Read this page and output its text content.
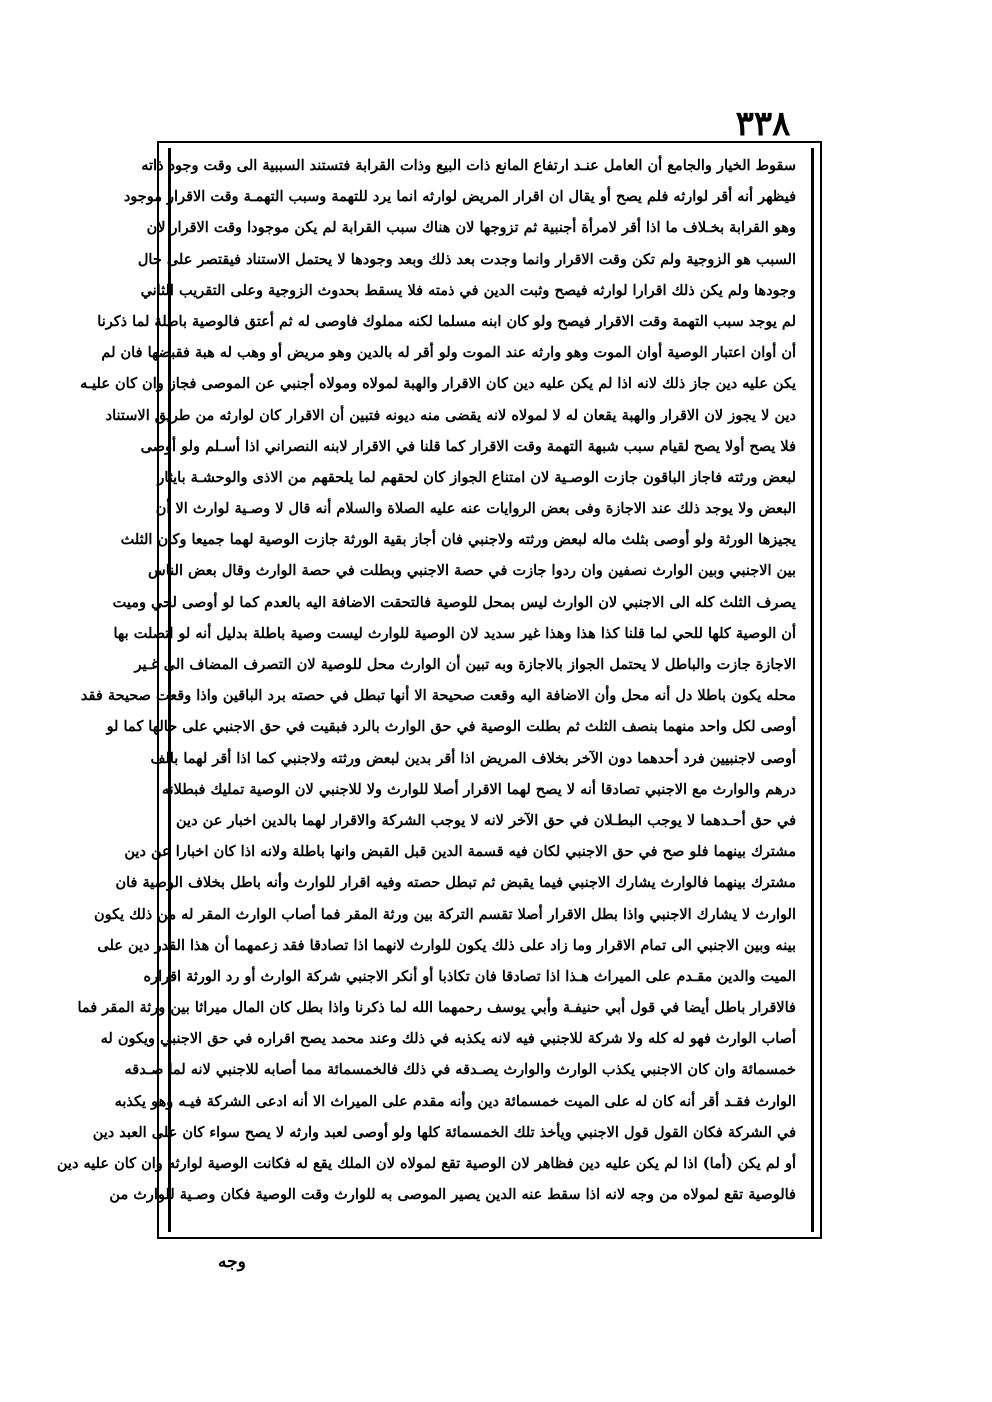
٣٣٨
سقوط الخيار والجامع أن العامل عنـد ارتفاع المانع ذات البيع وذات القرابة فتستند السببية الى وقت وجود ذاته
فيظهر أنه أقر لوارثه فلم يصح أو يقال ان اقرار المريض لوارثه انما يرد للتهمة وسبب التهمـة وقت الاقرار موجود
وهو القرابة بخـلاف ما اذا أقر لامرأة أجنبية ثم تزوجها لان هناك سبب القرابة لم يكن موجودا وقت الاقرار لان
السبب هو الزوجية ولم تكن وقت الاقرار وانما وجدت بعد ذلك وبعد وجودها لا يحتمل الاستناد فيقتصر على حال
وجودها ولم يكن ذلك اقرارا لوارثه فيصح وثبت الدين في ذمته فلا يسقط بحدوث الزوجية وعلى التقريب الثاني
لم يوجد سبب التهمة وقت الاقرار فيصح ولو كان ابنه مسلما لكنه مملوك فاوصى له ثم أعتق فالوصية باطلة لما ذكرنا
أن أوان اعتبار الوصية أوان الموت وهو وارثه عند الموت ولو أقر له بالدين وهو مريض أو وهب له هبة فقبضها فان لم
يكن عليه دين جاز ذلك لانه اذا لم يكن عليه دين كان الاقرار والهبة لمولاه ومولاه أجنبي عن الموصى فجاز وان كان عليـه
دين لا يجوز لان الاقرار والهبة يقعان له لا لمولاه لانه يقضى منه ديونه فتبين أن الاقرار كان لوارثه من طريق الاستناد
فلا يصح أولا يصح لقيام سبب شبهة التهمة وقت الاقرار كما قلنا في الاقرار لابنه النصراني اذا أسـلم ولو أوصى
لبعض ورثته فاجاز الباقون جازت الوصـية لان امتناع الجواز كان لحقهم لما يلحقهم من الاذى والوحشـة بايثار
البعض ولا يوجد ذلك عند الاجازة وفى بعض الروايات عنه عليه الصلاة والسلام أنه قال لا وصـية لوارث الا أن
يجيزها الورثة ولو أوصى بثلث ماله لبعض ورثته ولاجنبي فان أجاز بقية الورثة جازت الوصية لهما جميعا وكان الثلث
بين الاجنبي وبين الوارث نصفين وان ردوا جازت في حصة الاجنبي وبطلت في حصة الوارث وقال بعض الناس
يصرف الثلث كله الى الاجنبي لان الوارث ليس بمحل للوصية فالتحقت الاضافة اليه بالعدم كما لو أوصى لحي وميت
أن الوصية كلها للحي لما قلنا كذا هذا وهذا غير سديد لان الوصية للوارث ليست وصية باطلة بدليل أنه لو اتصلت بها
الاجازة جازت والباطل لا يحتمل الجواز بالاجازة وبه تبين أن الوارث محل للوصية لان التصرف المضاف الى غـير
محله يكون باطلا دل أنه محل وأن الاضافة اليه وقعت صحيحة الا أنها تبطل في حصته برد الباقين واذا وقعت صحيحة فقد
أوصى لكل واحد منهما بنصف الثلث ثم بطلت الوصية في حق الوارث بالرد فبقيت في حق الاجنبي على حالها كما لو
أوصى لاجنبيين فرد أحدهما دون الآخر بخلاف المريض اذا أقر بدين لبعض ورثته ولاجنبي كما اذا أقر لهما بالف
درهم والوارث مع الاجنبي تصادقا أنه لا يصح لهما الاقرار أصلا للوارث ولا للاجنبي لان الوصية تمليك فبطلانه
في حق أحـدهما لا يوجب البطـلان في حق الآخر لانه لا يوجب الشركة والاقرار لهما بالدين اخبار عن دين
مشترك بينهما فلو صح في حق الاجنبي لكان فيه قسمة الدين قبل القبض وانها باطلة ولانه اذا كان اخبارا عن دين
مشترك بينهما فالوارث يشارك الاجنبي فيما يقبض ثم تبطل حصته وفيه اقرار للوارث وأنه باطل بخلاف الوصية فان
الوارث لا يشارك الاجنبي واذا بطل الاقرار أصلا تقسم التركة بين ورثة المقر فما أصاب الوارث المقر له من ذلك يكون
بينه وبين الاجنبي الى تمام الاقرار وما زاد على ذلك يكون للوارث لانهما اذا تصادقا فقد زعمهما أن هذا القدر دين على
الميت والدين مقـدم على الميراث هـذا اذا تصادقا فان تكاذبا أو أنكر الاجنبي شركة الوارث أو رد الورثة اقراره
فالاقرار باطل أيضا في قول أبي حنيفـة وأبي يوسف رحمهما الله لما ذكرنا واذا بطل كان المال ميراثا بين ورثة المقر فما
أصاب الوارث فهو له كله ولا شركة للاجنبي فيه لانه يكذبه في ذلك وعند محمد يصح اقراره في حق الاجنبي ويكون له
خمسمائة وان كان الاجنبي يكذب الوارث والوارث يصـدقه في ذلك فالخمسمائة مما أصابه للاجنبي لانه لما صـدقه
الوارث فقـد أقر أنه كان له على الميت خمسمائة دين وأنه مقدم على الميراث الا أنه ادعى الشركة فيـه وهو يكذبه
في الشركة فكان القول قول الاجنبي ويأخذ تلك الخمسمائة كلها ولو أوصى لعبد وارثه لا يصح سواء كان على العبد دين
أو لم يكن (أما) اذا لم يكن عليه دين فظاهر لان الوصية تقع لمولاه لان الملك يقع له فكانت الوصية لوارثه وان كان عليه دين
فالوصية تقع لمولاه من وجه لانه اذا سقط عنه الدين يصير الموصى به للوارث وقت الوصية فكان وصـية للوارث من
وجه
